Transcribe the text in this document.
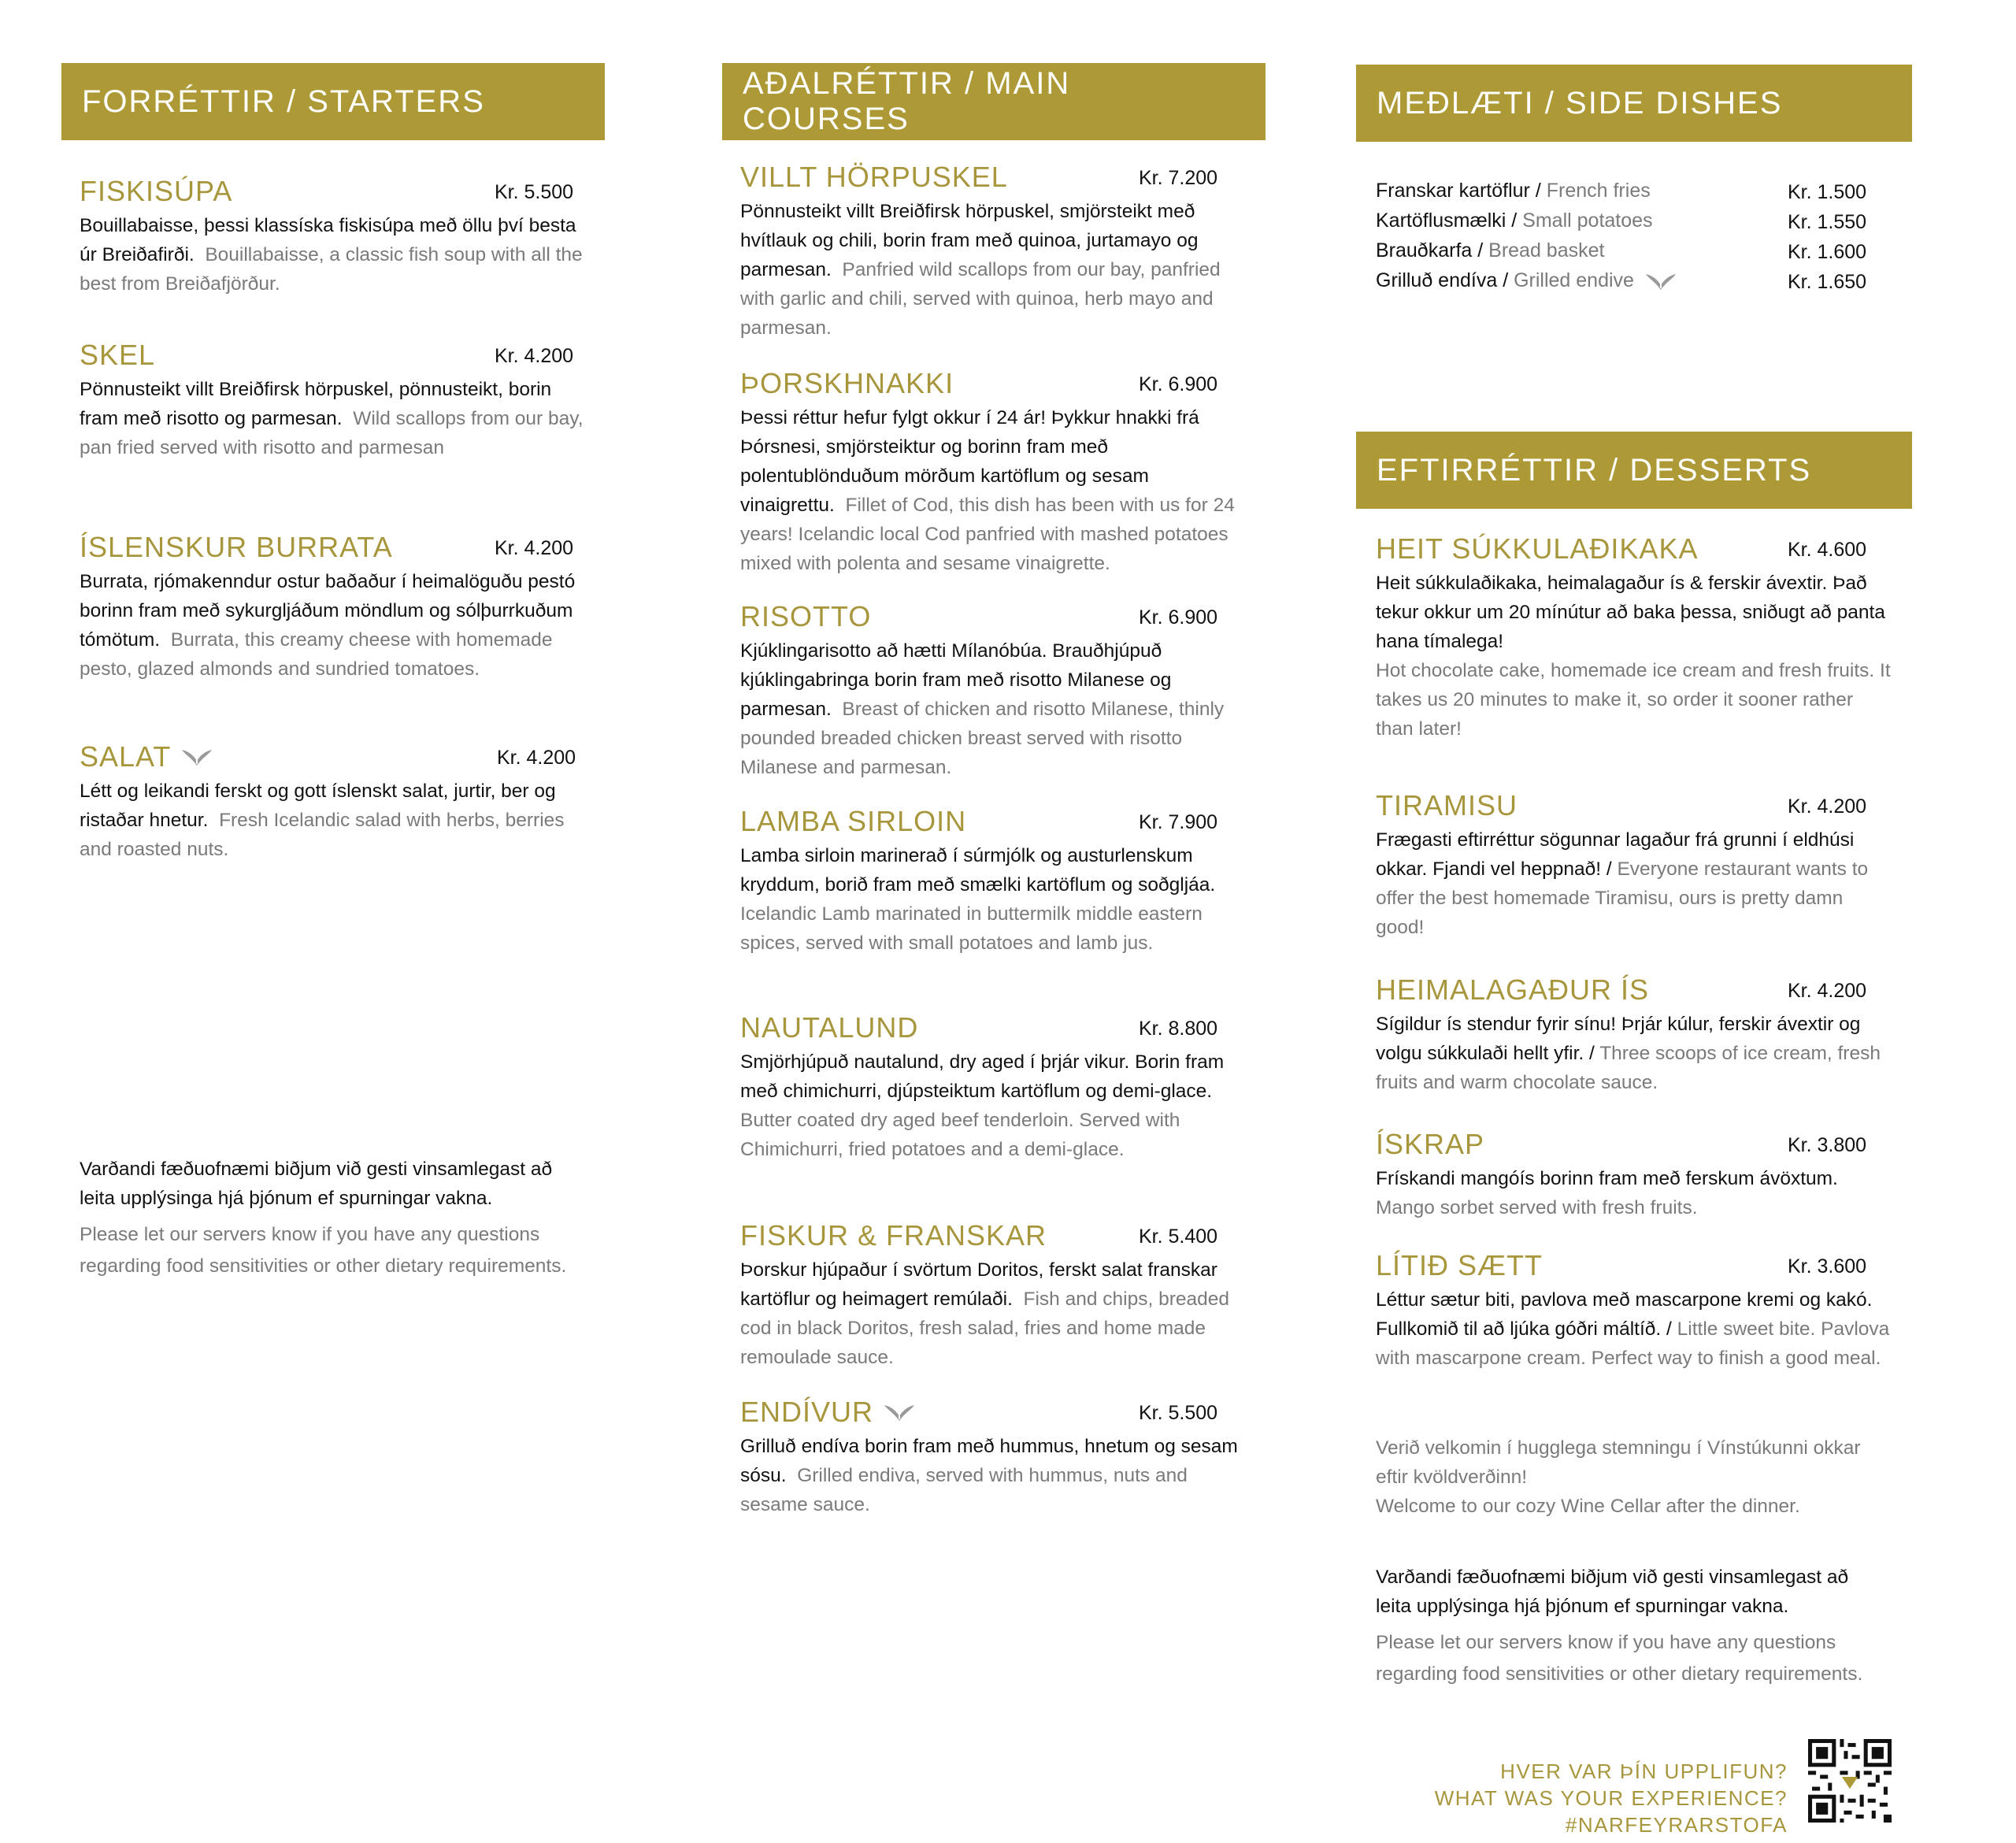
FORRÉTTIR / STARTERS
FISKISÚPA	Kr. 5.500
Bouillabaisse, þessi klassíska fiskisúpa með öllu því besta úr Breiðafirði. Bouillabaisse, a classic fish soup with all the best from Breiðafjörður.
SKEL	Kr. 4.200
Pönnusteikt villt Breiðfirsk hörpuskel, pönnusteikt, borin fram með risotto og parmesan. Wild scallops from our bay, pan fried served with risotto and parmesan
ÍSLENSKUR BURRATA	Kr. 4.200
Burrata, rjómakenndur ostur baðaður í heimalöguðu pestó borinn fram með sykurgljáðum möndlum og sólþurrkuðum tómötum. Burrata, this creamy cheese with homemade pesto, glazed almonds and sundried tomatoes.
SALAT	Kr. 4.200
Létt og leikandi ferskt og gott íslenskt salat, jurtir, ber og ristaðar hnetur. Fresh Icelandic salad with herbs, berries and roasted nuts.
Varðandi fæðuofnæmi biðjum við gesti vinsamlegast að leita upplýsinga hjá þjónum ef spurningar vakna.
Please let our servers know if you have any questions regarding food sensitivities or other dietary requirements.
AÐALRÉTTIR / MAIN COURSES
VILLT HÖRPUSKEL	Kr. 7.200
Pönnusteikt villt Breiðfirsk hörpuskel, smjörsteikt með hvítlauk og chili, borin fram með quinoa, jurtamayo og parmesan. Panfried wild scallops from our bay, panfried with garlic and chili, served with quinoa, herb mayo and parmesan.
ÞORSKHNAKKI	Kr. 6.900
Þessi réttur hefur fylgt okkur í 24 ár! Þykkur hnakki frá Þórsnesi, smjörsteiktur og borinn fram með polentublönduðum mörðum kartöflum og sesam vinaigrettu. Fillet of Cod, this dish has been with us for 24 years! Icelandic local Cod panfried with mashed potatoes mixed with polenta and sesame vinaigrette.
RISOTTO	Kr. 6.900
Kjúklingarisotto að hætti Mílanóbúa. Brauðhjúpuð kjúklingabringa borin fram með risotto Milanese og parmesan. Breast of chicken and risotto Milanese, thinly pounded breaded chicken breast served with risotto Milanese and parmesan.
LAMBA SIRLOIN	Kr. 7.900
Lamba sirloin marinerað í súrmjólk og austurlenskum kryddum, borið fram með smælki kartöflum og soðgljáa.  Icelandic Lamb marinated in buttermilk middle eastern spices, served with small potatoes and lamb jus.
NAUTALUND	Kr. 8.800
Smjörhjúpuð nautalund, dry aged í þrjár vikur. Borin fram með chimichurri, djúpsteiktum kartöflum og demi-glace.  Butter coated dry aged beef tenderloin. Served with Chimichurri, fried potatoes and a demi-glace.
FISKUR & FRANSKAR	Kr. 5.400
Þorskur hjúpaður í svörtum Doritos, ferskt salat franskar kartöflur og heimagert remúlaði. Fish and chips, breaded cod in black Doritos, fresh salad, fries and home made remoulade sauce.
ENDÍVUR	Kr. 5.500
Grilluð endíva borin fram með hummus, hnetum og sesam sósu. Grilled endiva, served with hummus, nuts and sesame sauce.
MEÐLÆTI / SIDE DISHES
Franskar kartöflur / French fries	Kr. 1.500
Kartöflusmælki / Small potatoes	Kr. 1.550
Brauðkarfa / Bread basket	Kr. 1.600
Grilluð endíva / Grilled endive	Kr. 1.650
EFTIRRÉTTIR / DESSERTS
HEIT SÚKKULAÐIKAKA	Kr. 4.600
Heit súkkulaðikaka, heimalagaður ís & ferskir ávextir. Það tekur okkur um 20 mínútur að baka þessa, sniðugt að panta hana tímalega!
Hot chocolate cake, homemade ice cream and fresh fruits. It takes us 20 minutes to make it, so order it sooner rather than later!
TIRAMISU	Kr. 4.200
Frægasti eftirréttur sögunnar lagaður frá grunni í eldhúsi okkar. Fjandi vel heppnað! / Everyone restaurant wants to offer the best homemade Tiramisu, ours is pretty damn good!
HEIMALAGAÐUR ÍS	Kr. 4.200
Sígildur ís stendur fyrir sínu! Þrjár kúlur, ferskir ávextir og volgu súkkulaði hellt yfir. / Three scoops of ice cream, fresh fruits and warm chocolate sauce.
ÍSKRAP	Kr. 3.800
Frískandi mangóís borinn fram með ferskum ávöxtum.
Mango sorbet served with fresh fruits.
LÍTIÐ SÆTT	Kr. 3.600
Léttur sætur biti, pavlova með mascarpone kremi og kakó. Fullkomið til að ljúka góðri máltíð. / Little sweet bite. Pavlova with mascarpone cream. Perfect way to finish a good meal.
Verið velkomin í hugglega stemningu í Vínstúkunni okkar eftir kvöldverðinn!
Welcome to our cozy Wine Cellar after the dinner.
Varðandi fæðuofnæmi biðjum við gesti vinsamlegast að leita upplýsinga hjá þjónum ef spurningar vakna.
Please let our servers know if you have any questions regarding food sensitivities or other dietary requirements.
HVER VAR ÞÍN UPPLIFUN?
WHAT WAS YOUR EXPERIENCE?
#NARFEYRARSTOFA
